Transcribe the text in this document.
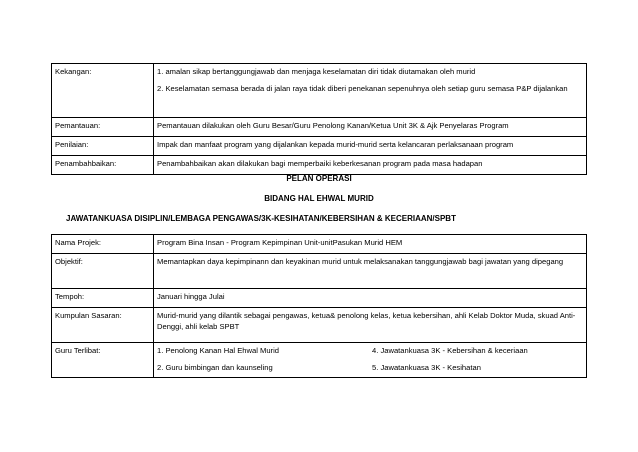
Kekangan:	1. amalan sikap bertanggungjawab dan menjaga keselamatan diri tidak diutamakan oleh murid

2. Keselamatan semasa berada di jalan raya tidak diberi penekanan sepenuhnya oleh setiap guru semasa P&P dijalankan

Pemantauan:	Pemantauan dilakukan oleh Guru Besar/Guru Penolong Kanan/Ketua Unit 3K & Ajk Penyelaras Program
Penilaian:	Impak dan manfaat program yang dijalankan kepada murid-murid serta kelancaran perlaksanaan program
Penambahbaikan:	Penambahbaikan akan dilakukan bagi memperbaiki keberkesanan program pada masa hadapan
PELAN OPERASI
BIDANG HAL EHWAL MURID
JAWATANKUASA DISIPLIN/LEMBAGA PENGAWAS/3K-KESIHATAN/KEBERSIHAN & KECERIAAN/SPBT
Nama Projek:	Program Bina Insan - Program Kepimpinan Unit-unitPasukan Murid HEM
Objektif:	Memantapkan daya kepimpinann dan keyakinan murid untuk melaksanakan tanggungjawab bagi jawatan yang dipegang
Tempoh:	Januari hingga Julai
Kumpulan Sasaran:	Murid-murid yang dilantik sebagai pengawas, ketua& penolong kelas, ketua kebersihan, ahli Kelab Doktor Muda, skuad Anti-Denggi, ahli kelab SPBT
Guru Terlibat:	1. Penolong Kanan Hal Ehwal Murid 4. Jawatankuasa 3K - Kebersihan & keceriaan
2. Guru bimbingan dan kaunseling 5. Jawatankuasa 3K - Kesihatan
